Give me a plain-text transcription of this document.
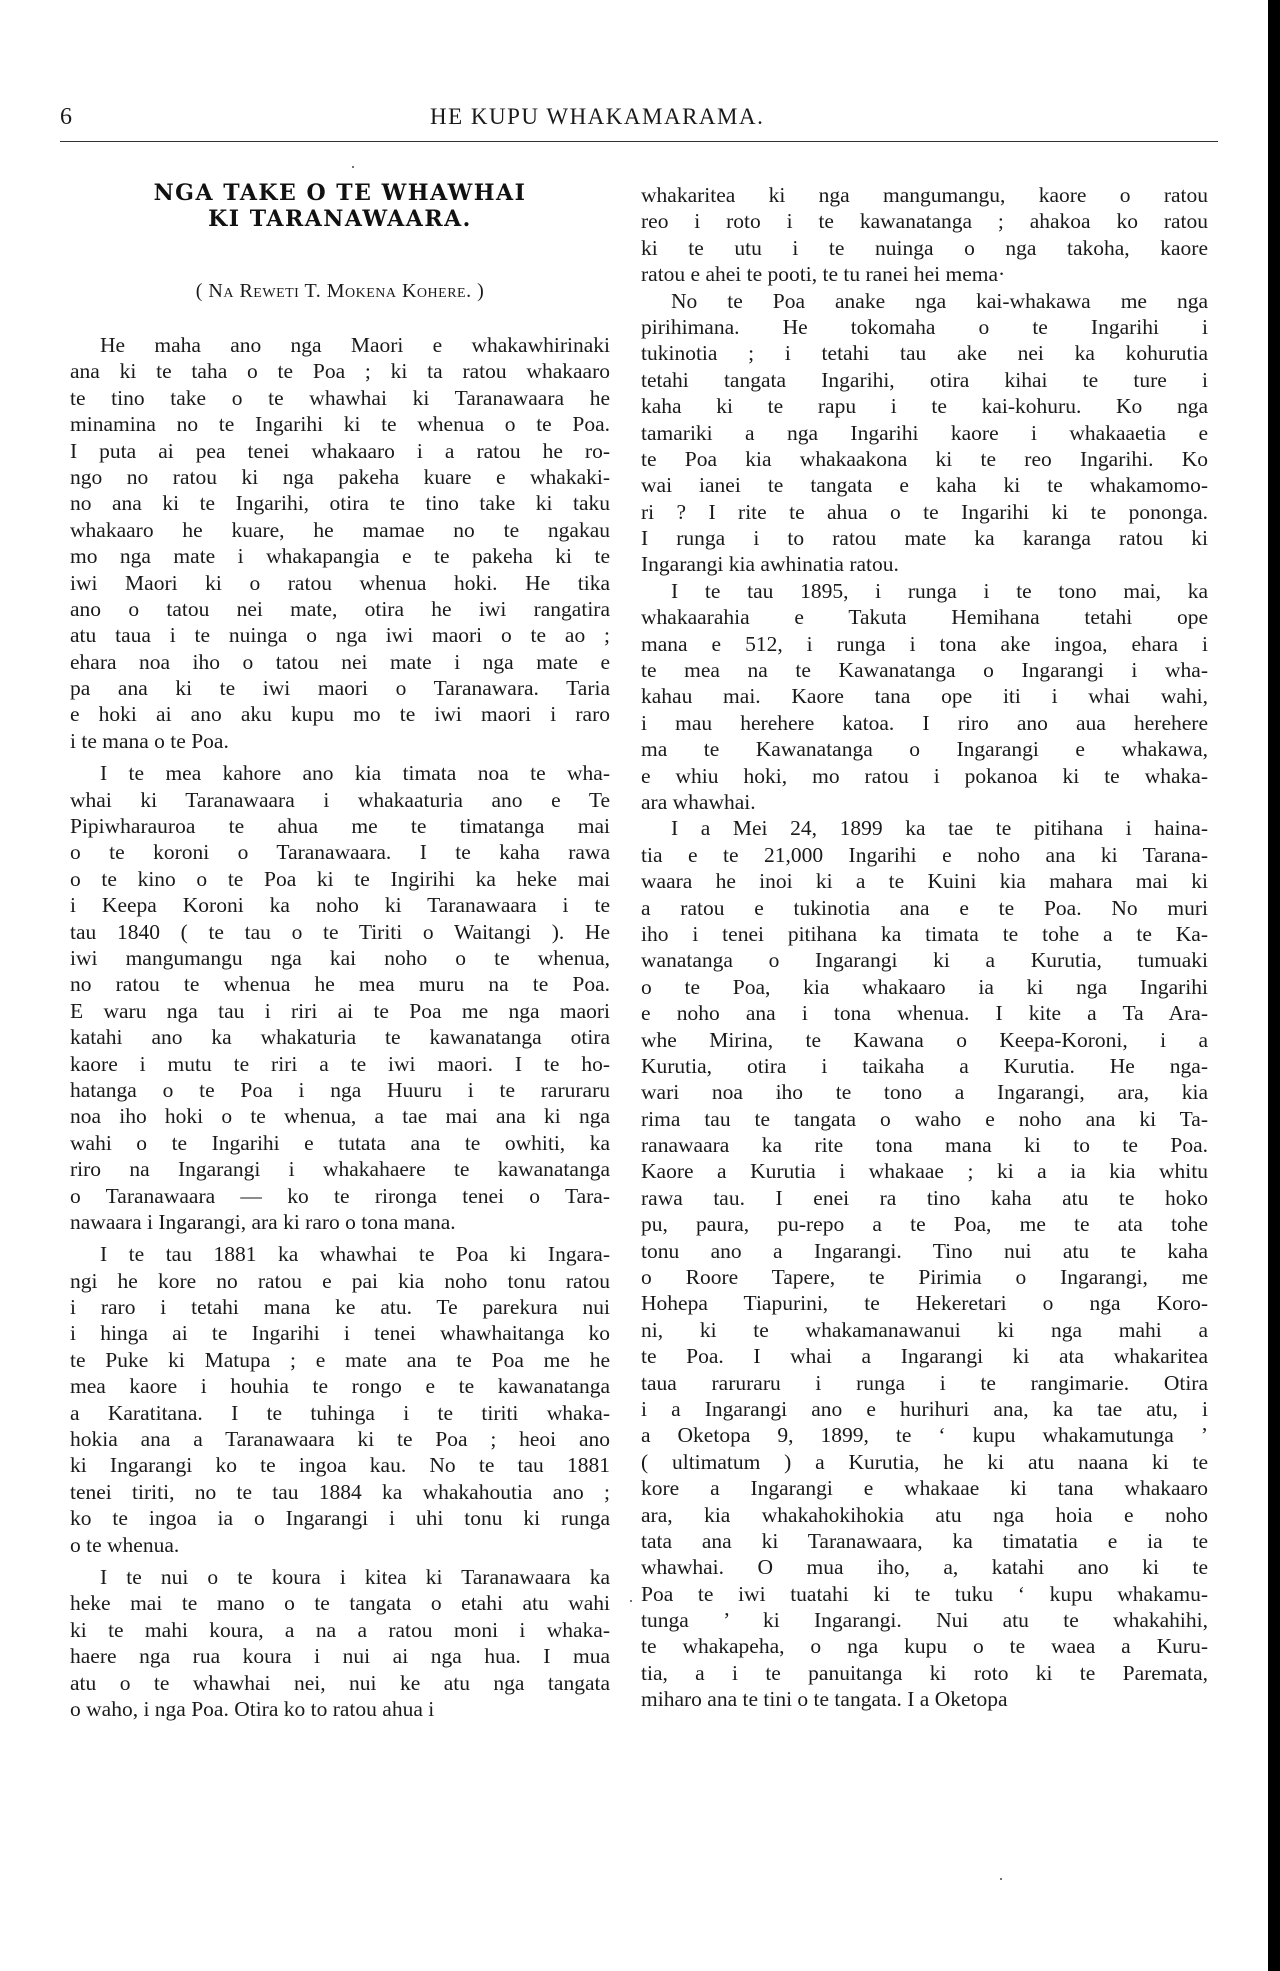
6	HE KUPU WHAKAMARAMA.
NGA TAKE O TE WHAWHAI
KI TARANAWAARA.
( Na Reweti T. Mokena Kohere. )
He maha ano nga Maori e whakawhirinaki
ana ki te taha o te Poa ; ki ta ratou whakaaro
te tino take o te whawhai ki Taranawaara he
minamina no te Ingarihi ki te whenua o te Poa.
I puta ai pea tenei whakaaro i a ratou he ro-
ngo no ratou ki nga pakeha kuare e whakaki-
no ana ki te Ingarihi, otira te tino take ki taku
whakaaro he kuare, he mamae no te ngakau
mo nga mate i whakapangia e te pakeha ki te
iwi Maori ki o ratou whenua hoki. He tika
ano o tatou nei mate, otira he iwi rangatira
atu taua i te nuinga o nga iwi maori o te ao ;
ehara noa iho o tatou nei mate i nga mate e
pa ana ki te iwi maori o Taranawara. Taria
e hoki ai ano aku kupu mo te iwi maori i raro
i te mana o te Poa.
I te mea kahore ano kia timata noa te wha-
whai ki Taranawaara i whakaaturia ano e Te
Pipiwharauroa te ahua me te timatanga mai
o te koroni o Taranawaara. I te kaha rawa
o te kino o te Poa ki te Ingirihi ka heke mai
i Keepa Koroni ka noho ki Taranawaara i te
tau 1840 ( te tau o te Tiriti o Waitangi ). He
iwi mangumangu nga kai noho o te whenua,
no ratou te whenua he mea muru na te Poa.
E waru nga tau i riri ai te Poa me nga maori
katahi ano ka whakaturia te kawanatanga otira
kaore i mutu te riri a te iwi maori. I te ho-
hatanga o te Poa i nga Huuru i te raruraru
noa iho hoki o te whenua, a tae mai ana ki nga
wahi o te Ingarihi e tutata ana te owhiti, ka
riro na Ingarangi i whakahaere te kawanatanga
o Taranawaara — ko te rironga tenei o Tara-
nawaara i Ingarangi, ara ki raro o tona mana.
I te tau 1881 ka whawhai te Poa ki Ingara-
ngi he kore no ratou e pai kia noho tonu ratou
i raro i tetahi mana ke atu. Te parekura nui
i hinga ai te Ingarihi i tenei whawhaitanga ko
te Puke ki Matupa ; e mate ana te Poa me he
mea kaore i houhia te rongo e te kawanatanga
a Karatitana. I te tuhinga i te tiriti whaka-
hokia ana a Taranawaara ki te Poa ; heoi ano
ki Ingarangi ko te ingoa kau. No te tau 1881
tenei tiriti, no te tau 1884 ka whakahoutia ano ;
ko te ingoa ia o Ingarangi i uhi tonu ki runga
o te whenua.
I te nui o te koura i kitea ki Taranawaara ka
heke mai te mano o te tangata o etahi atu wahi
ki te mahi koura, a na a ratou moni i whaka-
haere nga rua koura i nui ai nga hua. I mua
atu o te whawhai nei, nui ke atu nga tangata
o waho, i nga Poa. Otira ko to ratou ahua i
whakaritea ki nga mangumangu, kaore o ratou
reo i roto i te kawanatanga ; ahakoa ko ratou
ki te utu i te nuinga o nga takoha, kaore
ratou e ahei te pooti, te tu ranei hei mema·
No te Poa anake nga kai-whakawa me nga
pirihimana. He tokomaha o te Ingarihi i
tukinotia ; i tetahi tau ake nei ka kohurutia
tetahi tangata Ingarihi, otira kihai te ture i
kaha ki te rapu i te kai-kohuru. Ko nga
tamariki a nga Ingarihi kaore i whakaaetia e
te Poa kia whakaakona ki te reo Ingarihi. Ko
wai ianei te tangata e kaha ki te whakamomo-
ri ? I rite te ahua o te Ingarihi ki te pononga.
I runga i to ratou mate ka karanga ratou ki
Ingarangi kia awhinatia ratou.
I te tau 1895, i runga i te tono mai, ka
whakaarahia e Takuta Hemihana tetahi ope
mana e 512, i runga i tona ake ingoa, ehara i
te mea na te Kawanatanga o Ingarangi i wha-
kahau mai. Kaore tana ope iti i whai wahi,
i mau herehere katoa. I riro ano aua herehere
ma te Kawanatanga o Ingarangi e whakawa,
e whiu hoki, mo ratou i pokanoa ki te whaka-
ara whawhai.
I a Mei 24, 1899 ka tae te pitihana i haina-
tia e te 21,000 Ingarihi e noho ana ki Tarana-
waara he inoi ki a te Kuini kia mahara mai ki
a ratou e tukinotia ana e te Poa. No muri
iho i tenei pitihana ka timata te tohe a te Ka-
wanatanga o Ingarangi ki a Kurutia, tumuaki
o te Poa, kia whakaaro ia ki nga Ingarihi
e noho ana i tona whenua. I kite a Ta Ara-
whe Mirina, te Kawana o Keepa-Koroni, i a
Kurutia, otira i taikaha a Kurutia. He nga-
wari noa iho te tono a Ingarangi, ara, kia
rima tau te tangata o waho e noho ana ki Ta-
ranawaara ka rite tona mana ki to te Poa.
Kaore a Kurutia i whakaae ; ki a ia kia whitu
rawa tau. I enei ra tino kaha atu te hoko
pu, paura, pu-repo a te Poa, me te ata tohe
tonu ano a Ingarangi. Tino nui atu te kaha
o Roore Tapere, te Pirimia o Ingarangi, me
Hohepa Tiapurini, te Hekeretari o nga Koro-
ni, ki te whakamanawanui ki nga mahi a
te Poa. I whai a Ingarangi ki ata whakaritea
taua raruraru i runga i te rangimarie. Otira
i a Ingarangi ano e hurihuri ana, ka tae atu, i
a Oketopa 9, 1899, te ‘ kupu whakamutunga ’
( ultimatum ) a Kurutia, he ki atu naana ki te
kore a Ingarangi e whakaae ki tana whakaaro
ara, kia whakahokihokia atu nga hoia e noho
tata ana ki Taranawaara, ka timatatia e ia te
whawhai. O mua iho, a, katahi ano ki te
Poa te iwi tuatahi ki te tuku ‘ kupu whakamu-
tunga ’ ki Ingarangi. Nui atu te whakahihi,
te whakapeha, o nga kupu o te waea a Kuru-
tia, a i te panuitanga ki roto ki te Paremata,
miharo ana te tini o te tangata. I a Oketopa
